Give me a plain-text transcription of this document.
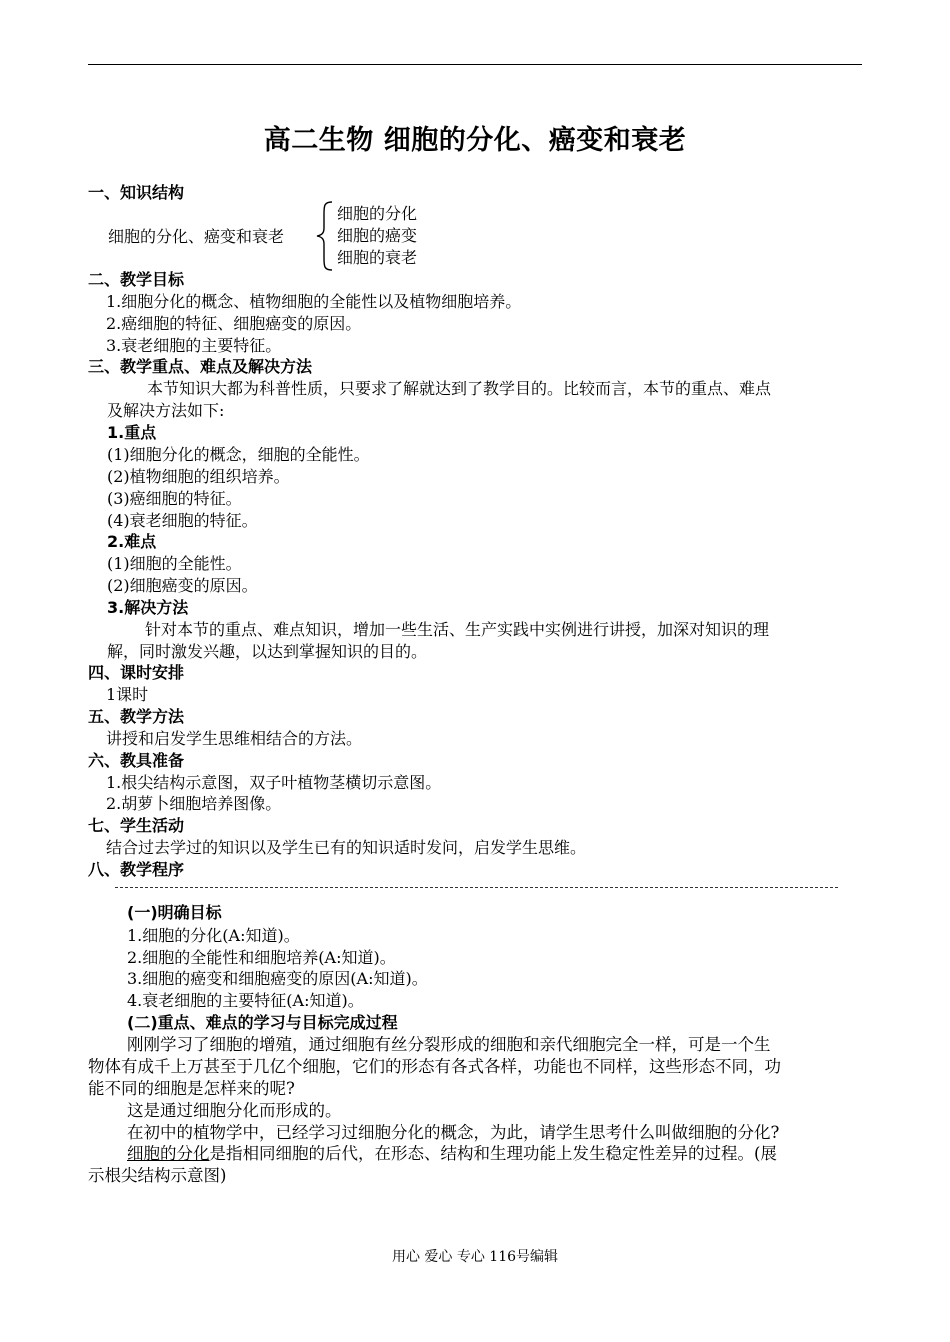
高二生物 细胞的分化、癌变和衰老
一、知识结构
细胞的分化、癌变和衰老
细胞的分化
细胞的癌变
细胞的衰老
二、教学目标
1.细胞分化的概念、植物细胞的全能性以及植物细胞培养。
2.癌细胞的特征、细胞癌变的原因。
3.衰老细胞的主要特征。
三、教学重点、难点及解决方法
本节知识大都为科普性质，只要求了解就达到了教学目的。比较而言，本节的重点、难点
及解决方法如下:
1.重点
(1)细胞分化的概念，细胞的全能性。
(2)植物细胞的组织培养。
(3)癌细胞的特征。
(4)衰老细胞的特征。
2.难点
(1)细胞的全能性。
(2)细胞癌变的原因。
3.解决方法
针对本节的重点、难点知识，增加一些生活、生产实践中实例进行讲授，加深对知识的理
解，同时激发兴趣，以达到掌握知识的目的。
四、课时安排
1课时
五、教学方法
讲授和启发学生思维相结合的方法。
六、教具准备
1.根尖结构示意图，双子叶植物茎横切示意图。
2.胡萝卜细胞培养图像。
七、学生活动
结合过去学过的知识以及学生已有的知识适时发问，启发学生思维。
八、教学程序
(一)明确目标
1.细胞的分化(A:知道)。
2.细胞的全能性和细胞培养(A:知道)。
3.细胞的癌变和细胞癌变的原因(A:知道)。
4.衰老细胞的主要特征(A:知道)。
(二)重点、难点的学习与目标完成过程
刚刚学习了细胞的增殖，通过细胞有丝分裂形成的细胞和亲代细胞完全一样，可是一个生
物体有成千上万甚至于几亿个细胞，它们的形态有各式各样，功能也不同样，这些形态不同，功
能不同的细胞是怎样来的呢?
这是通过细胞分化而形成的。
在初中的植物学中，已经学习过细胞分化的概念，为此，请学生思考什么叫做细胞的分化?
细胞的分化是指相同细胞的后代，在形态、结构和生理功能上发生稳定性差异的过程。(展
示根尖结构示意图)
用心 爱心 专心 116号编辑
